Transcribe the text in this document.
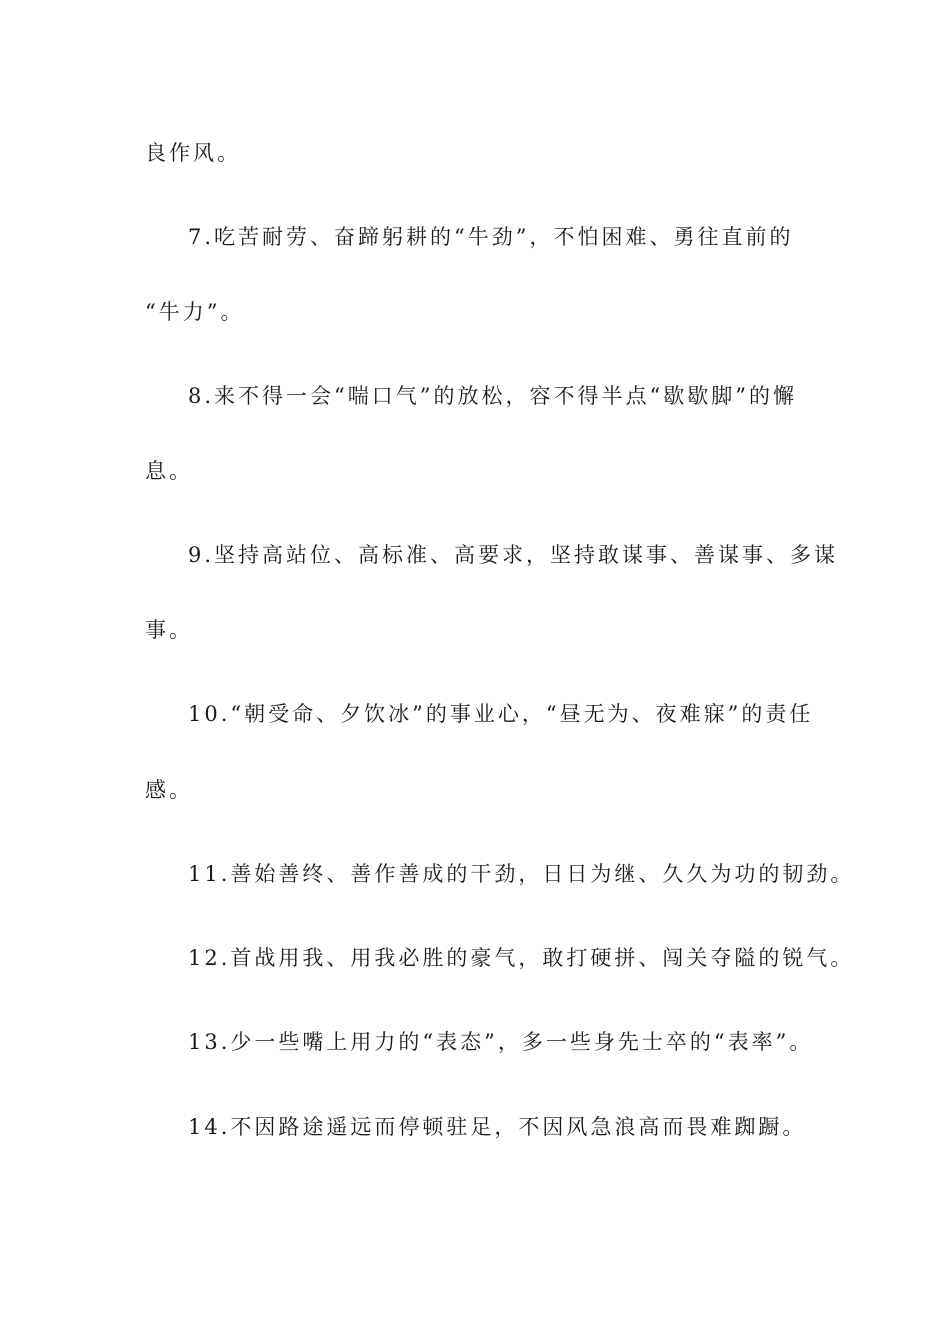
良作风。

7.吃苦耐劳、奋蹄躬耕的“牛劲”，不怕困难、勇往直前的

“牛力”。

8.来不得一会“喘口气”的放松，容不得半点“歇歇脚”的懈

息。

9.坚持高站位、高标准、高要求，坚持敢谋事、善谋事、多谋

事。

10.“朝受命、夕饮冰”的事业心，“昼无为、夜难寐”的责任

感。

11.善始善终、善作善成的干劲，日日为继、久久为功的韧劲。

12.首战用我、用我必胜的豪气，敢打硬拼、闯关夺隘的锐气。

13.少一些嘴上用力的“表态”，多一些身先士卒的“表率”。

14.不因路途遥远而停顿驻足，不因风急浪高而畏难踟蹰。
